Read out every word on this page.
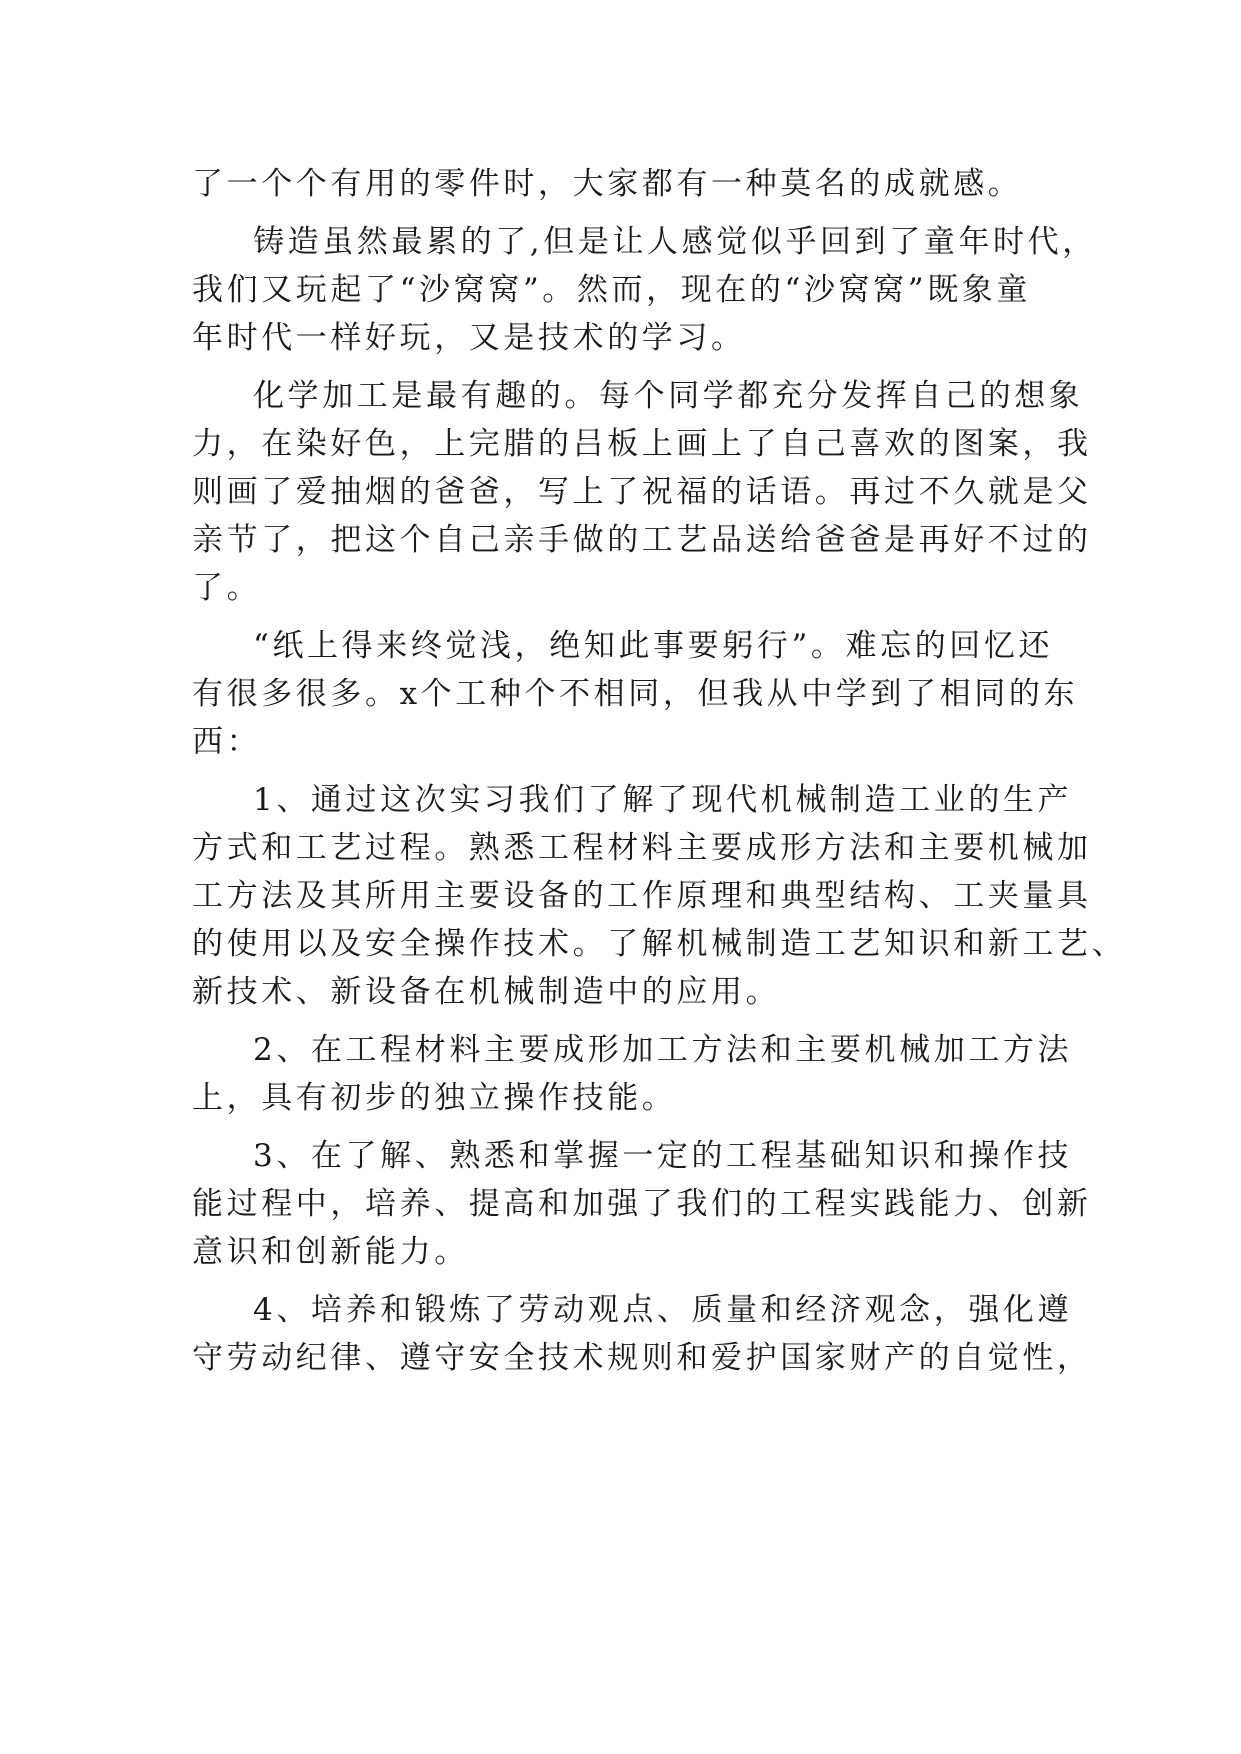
了一个个有用的零件时，大家都有一种莫名的成就感。
铸造虽然最累的了,但是让人感觉似乎回到了童年时代，
我们又玩起了“沙窝窝”。然而，现在的“沙窝窝”既象童
年时代一样好玩，又是技术的学习。
化学加工是最有趣的。每个同学都充分发挥自己的想象
力，在染好色，上完腊的吕板上画上了自己喜欢的图案，我
则画了爱抽烟的爸爸，写上了祝福的话语。再过不久就是父
亲节了，把这个自己亲手做的工艺品送给爸爸是再好不过的
了。
“纸上得来终觉浅，绝知此事要躬行”。难忘的回忆还
有很多很多。x个工种个不相同，但我从中学到了相同的东
西：
1、通过这次实习我们了解了现代机械制造工业的生产
方式和工艺过程。熟悉工程材料主要成形方法和主要机械加
工方法及其所用主要设备的工作原理和典型结构、工夹量具
的使用以及安全操作技术。了解机械制造工艺知识和新工艺、
新技术、新设备在机械制造中的应用。
2、在工程材料主要成形加工方法和主要机械加工方法
上，具有初步的独立操作技能。
3、在了解、熟悉和掌握一定的工程基础知识和操作技
能过程中，培养、提高和加强了我们的工程实践能力、创新
意识和创新能力。
4、培养和锻炼了劳动观点、质量和经济观念，强化遵
守劳动纪律、遵守安全技术规则和爱护国家财产的自觉性，
